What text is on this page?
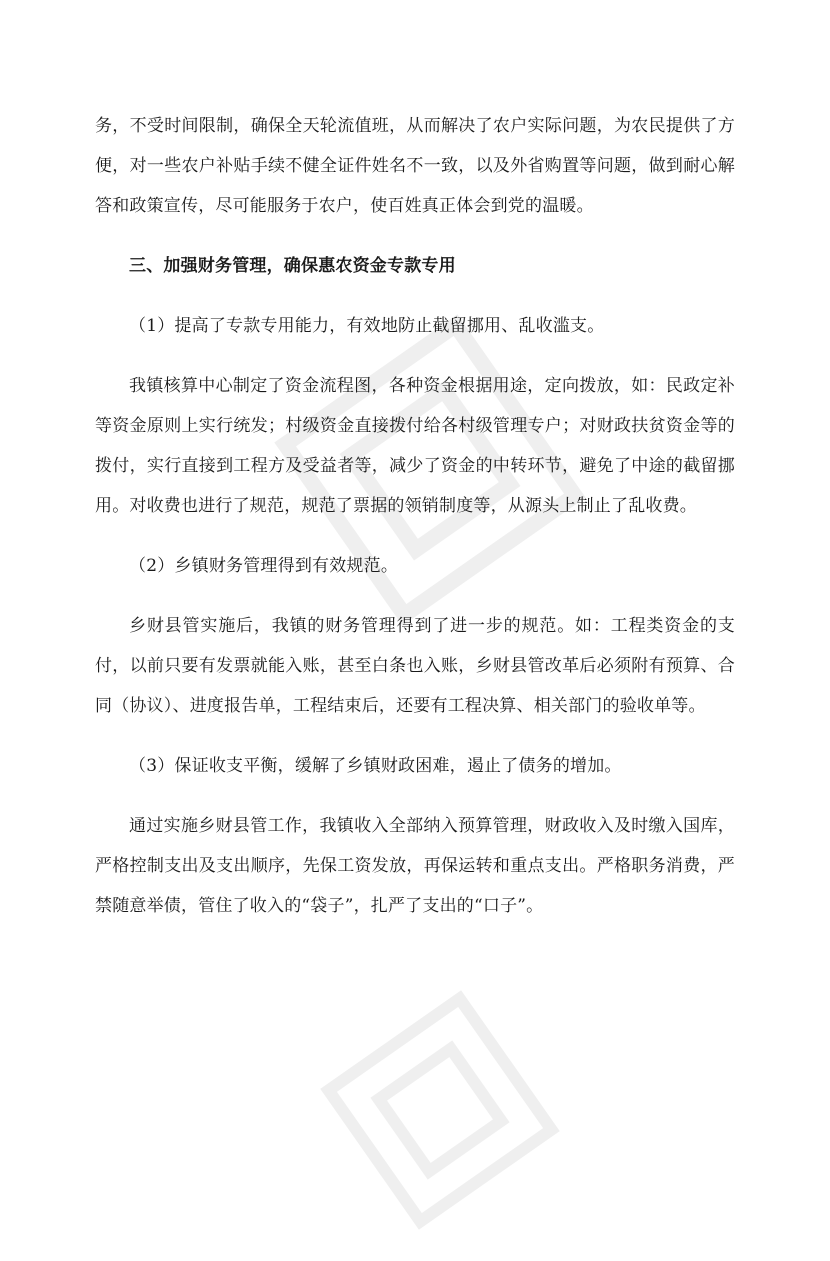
务，不受时间限制，确保全天轮流值班，从而解决了农户实际问题，为农民提供了方便，对一些农户补贴手续不健全证件姓名不一致，以及外省购置等问题，做到耐心解答和政策宣传，尽可能服务于农户，使百姓真正体会到党的温暖。

三、加强财务管理，确保惠农资金专款专用

（1）提高了专款专用能力，有效地防止截留挪用、乱收滥支。

我镇核算中心制定了资金流程图，各种资金根据用途，定向拨放，如：民政定补等资金原则上实行统发；村级资金直接拨付给各村级管理专户；对财政扶贫资金等的拨付，实行直接到工程方及受益者等，减少了资金的中转环节，避免了中途的截留挪用。对收费也进行了规范，规范了票据的领销制度等，从源头上制止了乱收费。

（2）乡镇财务管理得到有效规范。

乡财县管实施后，我镇的财务管理得到了进一步的规范。如：工程类资金的支付，以前只要有发票就能入账，甚至白条也入账，乡财县管改革后必须附有预算、合同（协议）、进度报告单，工程结束后，还要有工程决算、相关部门的验收单等。

（3）保证收支平衡，缓解了乡镇财政困难，遏止了债务的增加。

通过实施乡财县管工作，我镇收入全部纳入预算管理，财政收入及时缴入国库，严格控制支出及支出顺序，先保工资发放，再保运转和重点支出。严格职务消费，严禁随意举债，管住了收入的“袋子”，扎严了支出的“口子”。
